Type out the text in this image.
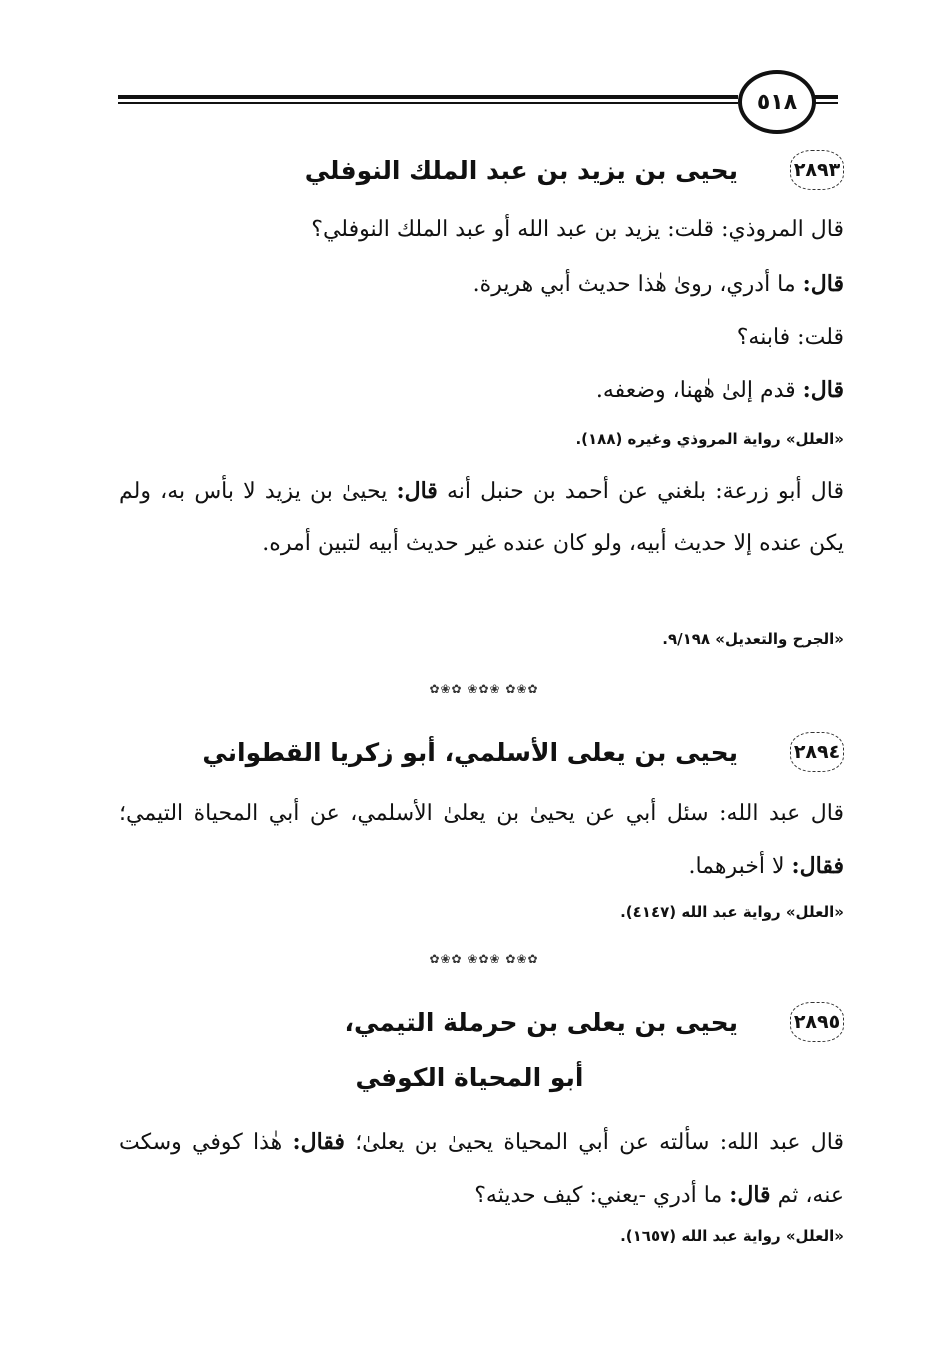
٥١٨
٢٨٩٣
يحيى بن يزيد بن عبد الملك النوفلي
قال المروذي: قلت: يزيد بن عبد الله أو عبد الملك النوفلي؟
قال: ما أدري، روىٰ هٰذا حديث أبي هريرة.
قلت: فابنه؟
قال: قدم إلىٰ هٰهنا، وضعفه.
«العلل» رواية المروذي وغيره (١٨٨).
قال أبو زرعة: بلغني عن أحمد بن حنبل أنه قال: يحيىٰ بن يزيد لا بأس به، ولم يكن عنده إلا حديث أبيه، ولو كان عنده غير حديث أبيه لتبين أمره.
«الجرح والتعديل» ٩/١٩٨.
✿❀✿ ❀✿❀ ✿❀✿
٢٨٩٤
يحيى بن يعلى الأسلمي، أبو زكريا القطواني
قال عبد الله: سئل أبي عن يحيىٰ بن يعلىٰ الأسلمي، عن أبي المحياة التيمي؛ فقال: لا أخبرهما.
«العلل» رواية عبد الله (٤١٤٧).
✿❀✿ ❀✿❀ ✿❀✿
٢٨٩٥
يحيى بن يعلى بن حرملة التيمي،
أبو المحياة الكوفي
قال عبد الله: سألته عن أبي المحياة يحيىٰ بن يعلىٰ؛ فقال: هٰذا كوفي وسكت عنه، ثم قال: ما أدري -يعني: كيف حديثه؟
«العلل» رواية عبد الله (١٦٥٧).
